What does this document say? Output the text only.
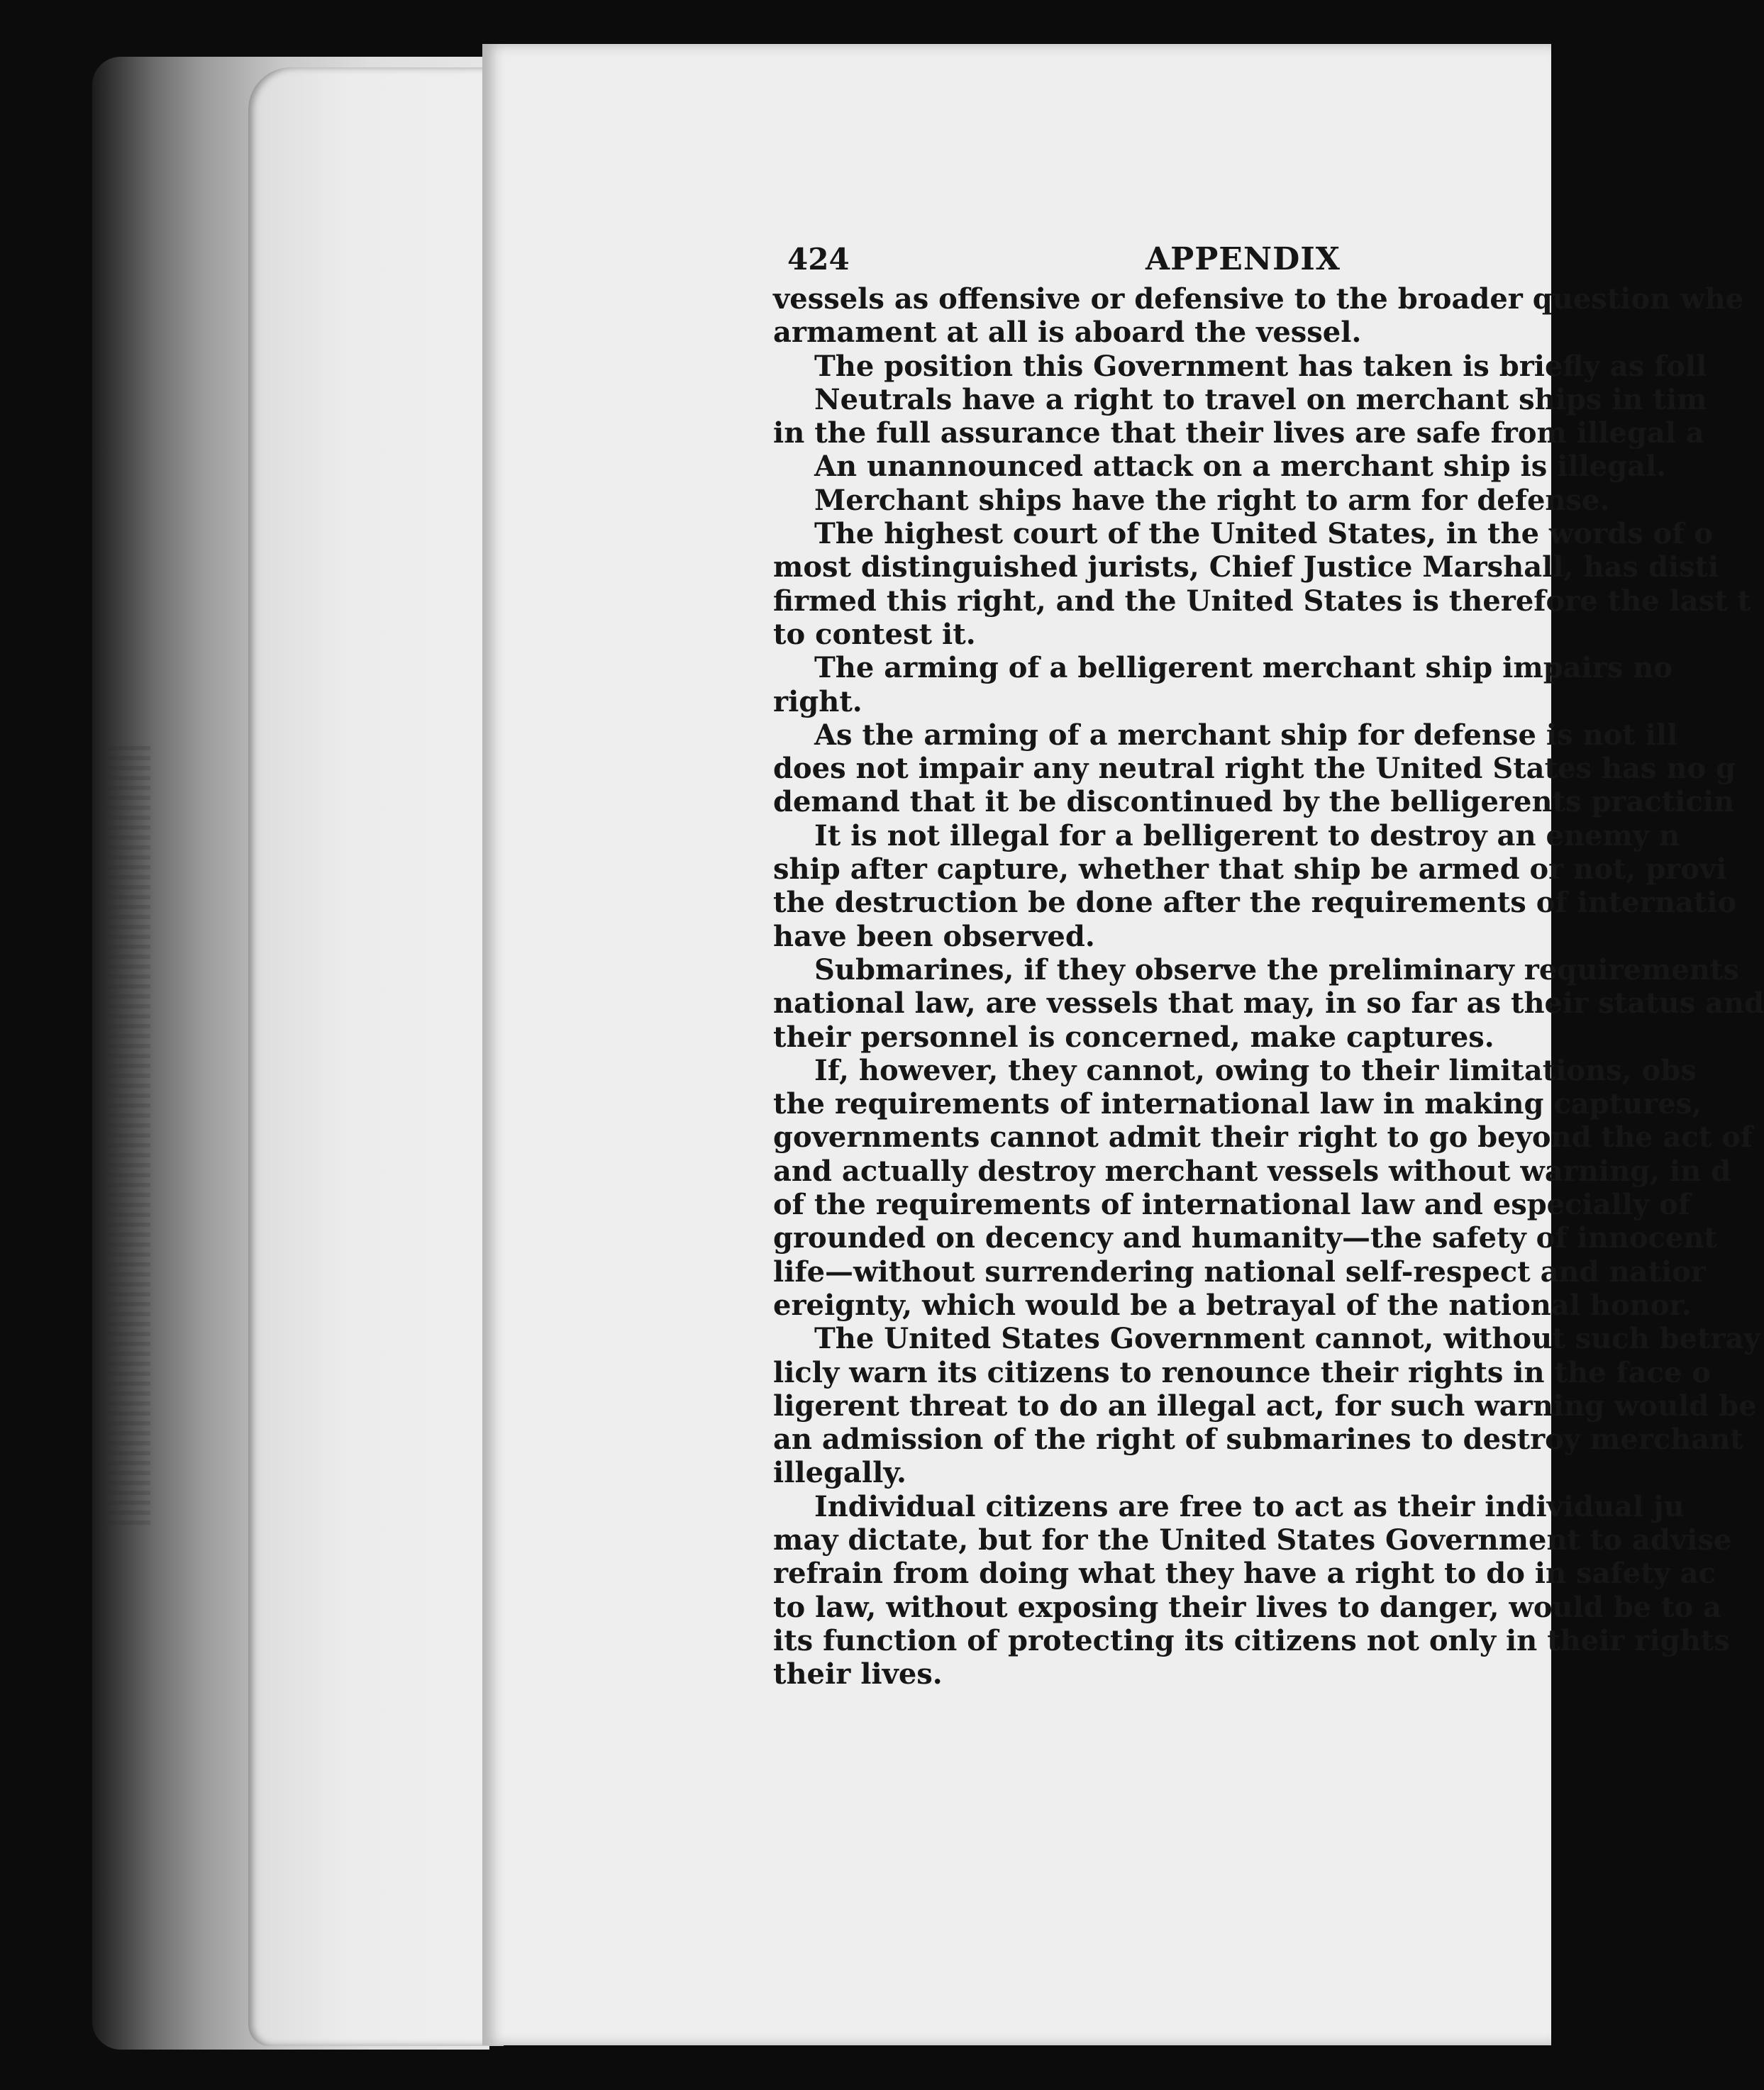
424	APPENDIX
vessels as offensive or defensive to the broader question whe
armament at all is aboard the vessel.
The position this Government has taken is briefly as foll
Neutrals have a right to travel on merchant ships in tim
in the full assurance that their lives are safe from illegal a
An unannounced attack on a merchant ship is illegal.
Merchant ships have the right to arm for defense.
The highest court of the United States, in the words of o
most distinguished jurists, Chief Justice Marshall, has disti
firmed this right, and the United States is therefore the last t
to contest it.
The arming of a belligerent merchant ship impairs no
right.
As the arming of a merchant ship for defense is not ill
does not impair any neutral right the United States has no g
demand that it be discontinued by the belligerents practicin
It is not illegal for a belligerent to destroy an enemy n
ship after capture, whether that ship be armed or not, provi
the destruction be done after the requirements of internatio
have been observed.
Submarines, if they observe the preliminary requirements
national law, are vessels that may, in so far as their status and
their personnel is concerned, make captures.
If, however, they cannot, owing to their limitations, obs
the requirements of international law in making captures,
governments cannot admit their right to go beyond the act of
and actually destroy merchant vessels without warning, in d
of the requirements of international law and especially of
grounded on decency and humanity—the safety of innocent
life—without surrendering national self-respect and natior
ereignty, which would be a betrayal of the national honor.
The United States Government cannot, without such betray
licly warn its citizens to renounce their rights in the face o
ligerent threat to do an illegal act, for such warning would be
an admission of the right of submarines to destroy merchant
illegally.
Individual citizens are free to act as their individual ju
may dictate, but for the United States Government to advise
refrain from doing what they have a right to do in safety ac
to law, without exposing their lives to danger, would be to a
its function of protecting its citizens not only in their rights
their lives.
